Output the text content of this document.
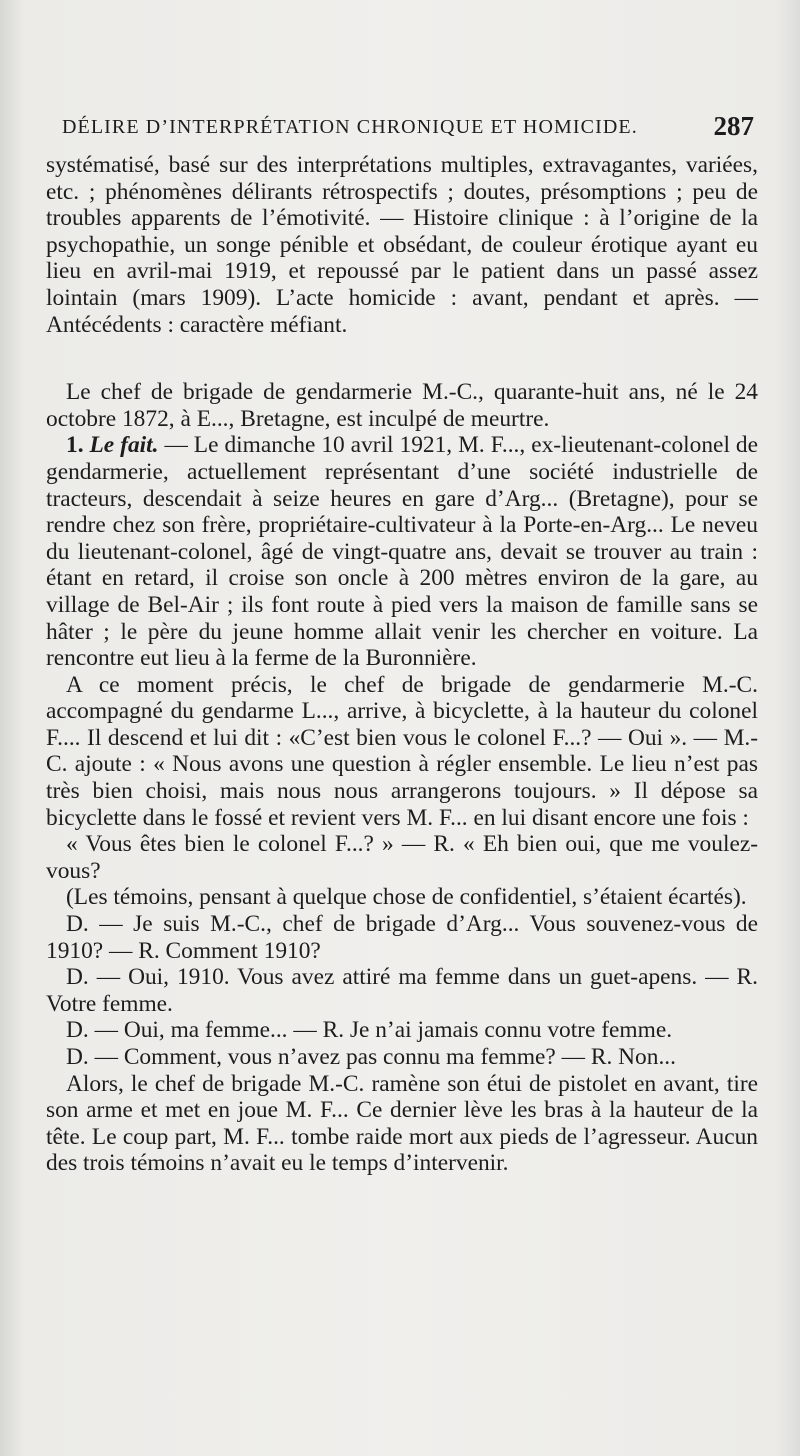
DÉLIRE D’INTERPRÉTATION CHRONIQUE ET HOMICIDE.	287

systématisé, basé sur des interprétations multiples, extravagantes, variées, etc. ; phénomènes délirants rétrospectifs ; doutes, présomptions ; peu de troubles apparents de l’émotivité. — Histoire clinique : à l’origine de la psychopathie, un songe pénible et obsédant, de couleur érotique ayant eu lieu en avril-mai 1919, et repoussé par le patient dans un passé assez lointain (mars 1909). L’acte homicide : avant, pendant et après. — Antécédents : caractère méfiant.

Le chef de brigade de gendarmerie M.-C., quarante-huit ans, né le 24 octobre 1872, à E..., Bretagne, est inculpé de meurtre.

1. Le fait. — Le dimanche 10 avril 1921, M. F..., ex-lieutenant-colonel de gendarmerie, actuellement représentant d’une société industrielle de tracteurs, descendait à seize heures en gare d’Arg... (Bretagne), pour se rendre chez son frère, propriétaire-cultivateur à la Porte-en-Arg... Le neveu du lieutenant-colonel, âgé de vingt-quatre ans, devait se trouver au train : étant en retard, il croise son oncle à 200 mètres environ de la gare, au village de Bel-Air ; ils font route à pied vers la maison de famille sans se hâter ; le père du jeune homme allait venir les chercher en voiture. La rencontre eut lieu à la ferme de la Buronnière.

A ce moment précis, le chef de brigade de gendarmerie M.-C. accompagné du gendarme L..., arrive, à bicyclette, à la hauteur du colonel F.... Il descend et lui dit : «C’est bien vous le colonel F...? — Oui ». — M.-C. ajoute : « Nous avons une question à régler ensemble. Le lieu n’est pas très bien choisi, mais nous nous arrangerons toujours. » Il dépose sa bicyclette dans le fossé et revient vers M. F... en lui disant encore une fois :

« Vous êtes bien le colonel F...? » — R. « Eh bien oui, que me voulez-vous?

(Les témoins, pensant à quelque chose de confidentiel, s’étaient écartés).

D. — Je suis M.-C., chef de brigade d’Arg... Vous souvenez-vous de 1910? — R. Comment 1910?

D. — Oui, 1910. Vous avez attiré ma femme dans un guet-apens. — R. Votre femme.

D. — Oui, ma femme... — R. Je n’ai jamais connu votre femme.

D. — Comment, vous n’avez pas connu ma femme? — R. Non...

Alors, le chef de brigade M.-C. ramène son étui de pistolet en avant, tire son arme et met en joue M. F... Ce dernier lève les bras à la hauteur de la tête. Le coup part, M. F... tombe raide mort aux pieds de l’agresseur. Aucun des trois témoins n’avait eu le temps d’intervenir.
